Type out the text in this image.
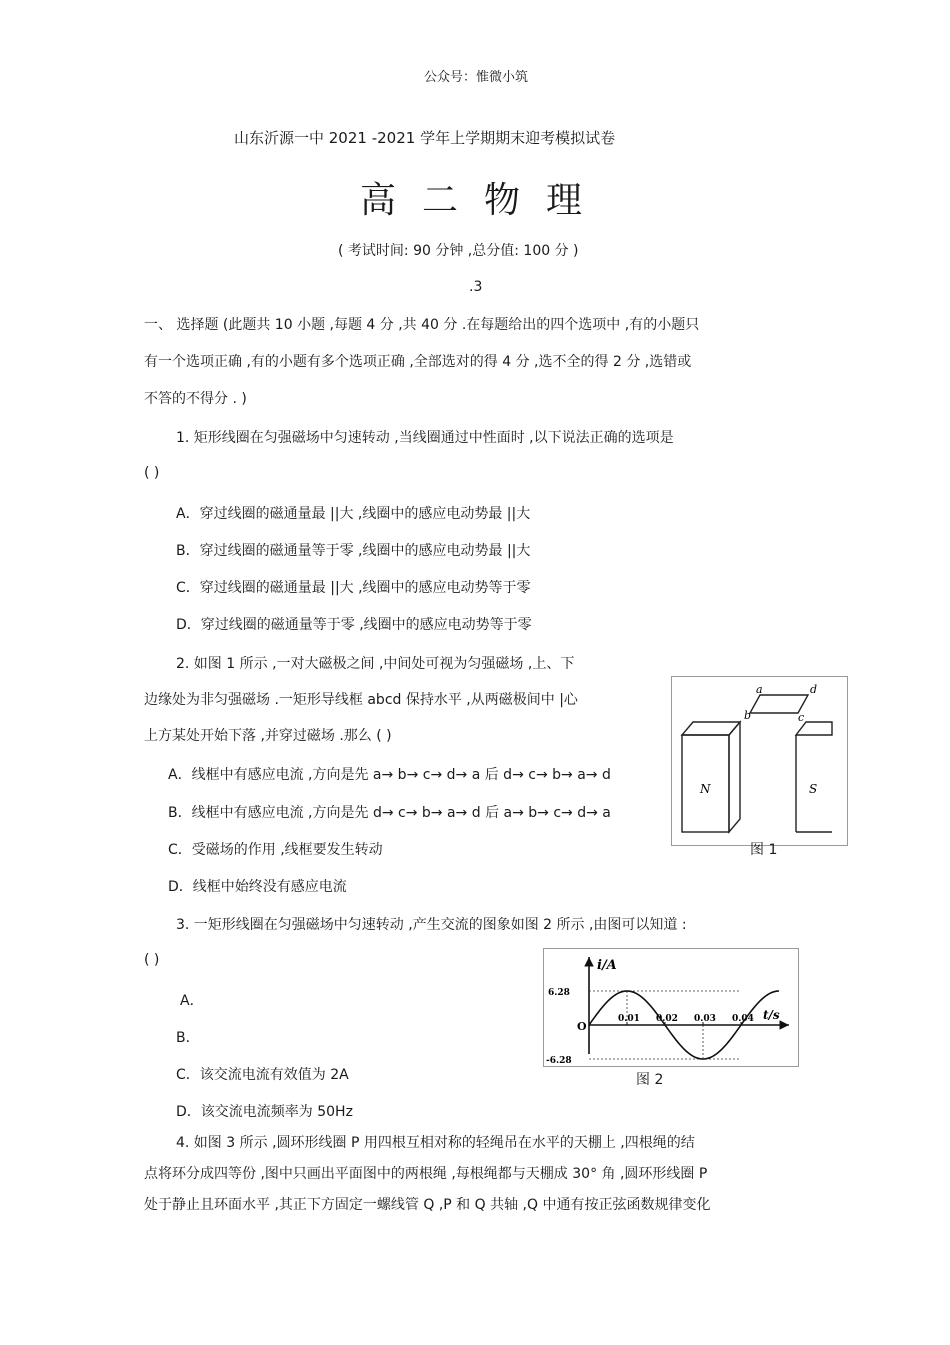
公众号：惟微小筑
山东沂源一中 2021 -2021 学年上学期期末迎考模拟试卷
高二物理
( 考试时间: 90 分钟 ,总分值: 100 分 )
.3
一、 选择题 (此题共 10 小题 ,每题 4 分 ,共 40 分 .在每题给出的四个选项中 ,有的小题只
有一个选项正确 ,有的小题有多个选项正确 ,全部选对的得 4 分 ,选不全的得 2 分 ,选错或
不答的不得分 . )
1. 矩形线圈在匀强磁场中匀速转动 ,当线圈通过中性面时 ,以下说法正确的选项是
( )
A．穿过线圈的磁通量最 ||大 ,线圈中的感应电动势最 ||大
B．穿过线圈的磁通量等于零 ,线圈中的感应电动势最 ||大
C．穿过线圈的磁通量最 ||大 ,线圈中的感应电动势等于零
D．穿过线圈的磁通量等于零 ,线圈中的感应电动势等于零
2. 如图 1 所示 ,一对大磁极之间 ,中间处可视为匀强磁场 ,上、下
边缘处为非匀强磁场 .一矩形导线框 abcd 保持水平 ,从两磁极间中 |心
上方某处开始下落 ,并穿过磁场 .那么 ( )
A．线框中有感应电流 ,方向是先 a→ b→ c→ d→ a 后 d→ c→ b→ a→ d
B．线框中有感应电流 ,方向是先 d→ c→ b→ a→ d 后 a→ b→ c→ d→ a
C．受磁场的作用 ,线框要发生转动
D．线框中始终没有感应电流
a
b	c
d
N	S
图 1
3. 一矩形线圈在匀强磁场中匀速转动 ,产生交流的图象如图 2 所示 ,由图可以知道 :
( )
A．
B．
C．该交流电流有效值为 2A
D．该交流电流频率为 50Hz
i/A
t/s
O
6.28
-6.28
0.01 0.02 0.03 0.04
图 2
4. 如图 3 所示 ,圆环形线圈 P 用四根互相对称的轻绳吊在水平的天棚上 ,四根绳的结
点将环分成四等份 ,图中只画出平面图中的两根绳 ,每根绳都与天棚成 30° 角 ,圆环形线圈 P
处于静止且环面水平 ,其正下方固定一螺线管 Q ,P 和 Q 共轴 ,Q 中通有按正弦函数规律变化
